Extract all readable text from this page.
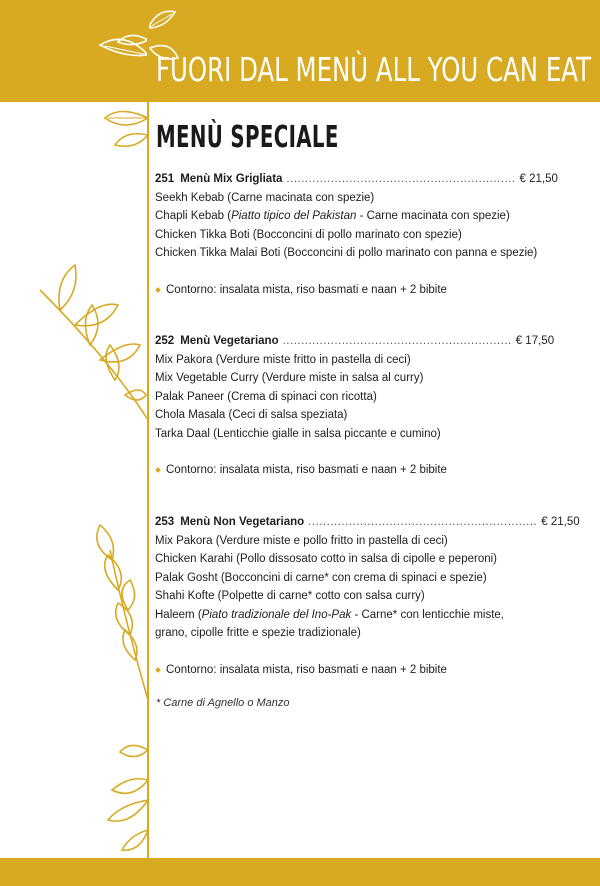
FUORI DAL MENÙ ALL YOU CAN EAT
MENÙ SPECIALE
251 Menù Mix Grigliata .............................................................. € 21,50
Seekh Kebab (Carne macinata con spezie)
Chapli Kebab (Piatto tipico del Pakistan - Carne macinata con spezie)
Chicken Tikka Boti (Bocconcini di pollo marinato con spezie)
Chicken Tikka Malai Boti (Bocconcini di pollo marinato con panna e spezie)
Contorno: insalata mista, riso basmati e naan + 2 bibite
252 Menù Vegetariano .............................................................. € 17,50
Mix Pakora (Verdure miste fritto in pastella di ceci)
Mix Vegetable Curry (Verdure miste in salsa al curry)
Palak Paneer (Crema di spinaci con ricotta)
Chola Masala (Ceci di salsa speziata)
Tarka Daal (Lenticchie gialle in salsa piccante e cumino)
Contorno: insalata mista, riso basmati e naan + 2 bibite
253 Menù Non Vegetariano .............................................................. € 21,50
Mix Pakora (Verdure miste e pollo fritto in pastella di ceci)
Chicken Karahi (Pollo dissosato cotto in salsa di cipolle e peperoni)
Palak Gosht (Bocconcini di carne* con crema di spinaci e spezie)
Shahi Kofte (Polpette di carne* cotto con salsa curry)
Haleem (Piato tradizionale del Ino-Pak - Carne* con lenticchie miste, grano, cipolle fritte e spezie tradizionale)
Contorno: insalata mista, riso basmati e naan + 2 bibite
* Carne di Agnello o Manzo
